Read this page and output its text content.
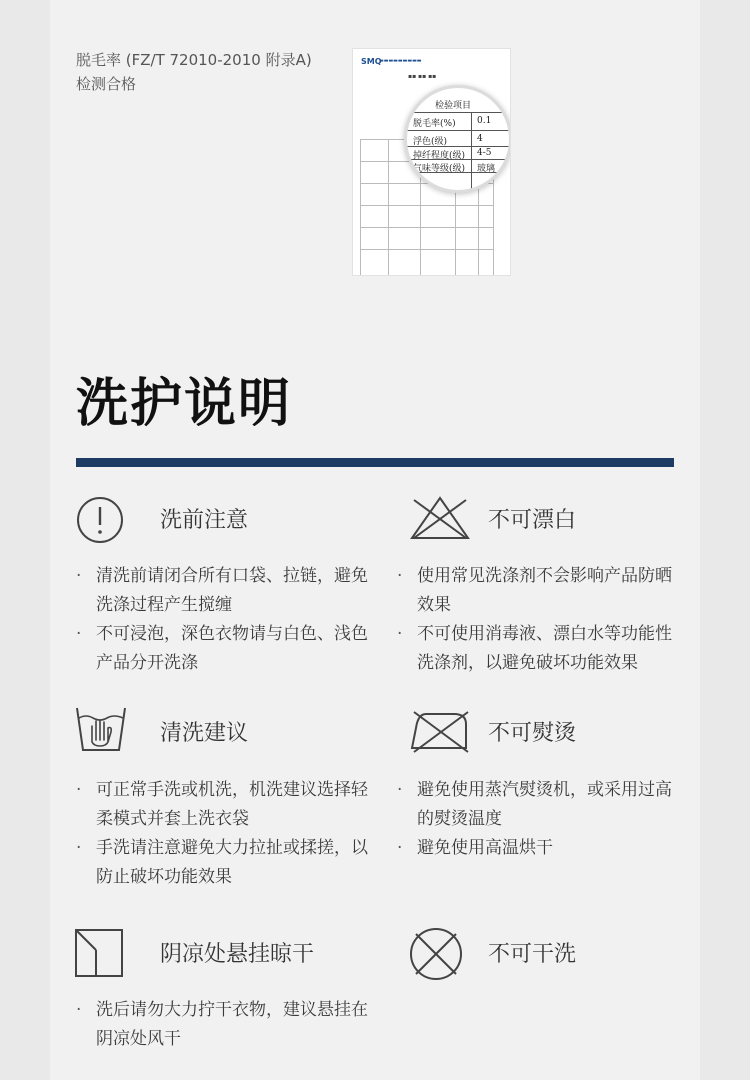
脱毛率 (FZ/T 72010-2010 附录A)
检测合格
SMQ
▬▬▬▬▬▬▬▬▬
▪▪ ▪▪ ▪▪
检验项目
脱毛率(%) 0.1
浮色(级)	4
掉纤程度(级) 4-5
气味等级(级) 玻璃
洗护说明
洗前注意
· 清洗前请闭合所有口袋、拉链，避免洗涤过程产生搅缠
· 不可浸泡，深色衣物请与白色、浅色产品分开洗涤
不可漂白
· 使用常见洗涤剂不会影响产品防晒效果
· 不可使用消毒液、漂白水等功能性洗涤剂，以避免破坏功能效果
清洗建议
· 可正常手洗或机洗，机洗建议选择轻柔模式并套上洗衣袋
· 手洗请注意避免大力拉扯或揉搓，以防止破坏功能效果
不可熨烫
· 避免使用蒸汽熨烫机，或采用过高的熨烫温度
· 避免使用高温烘干
阴凉处悬挂晾干
· 洗后请勿大力拧干衣物，建议悬挂在阴凉处风干
不可干洗
